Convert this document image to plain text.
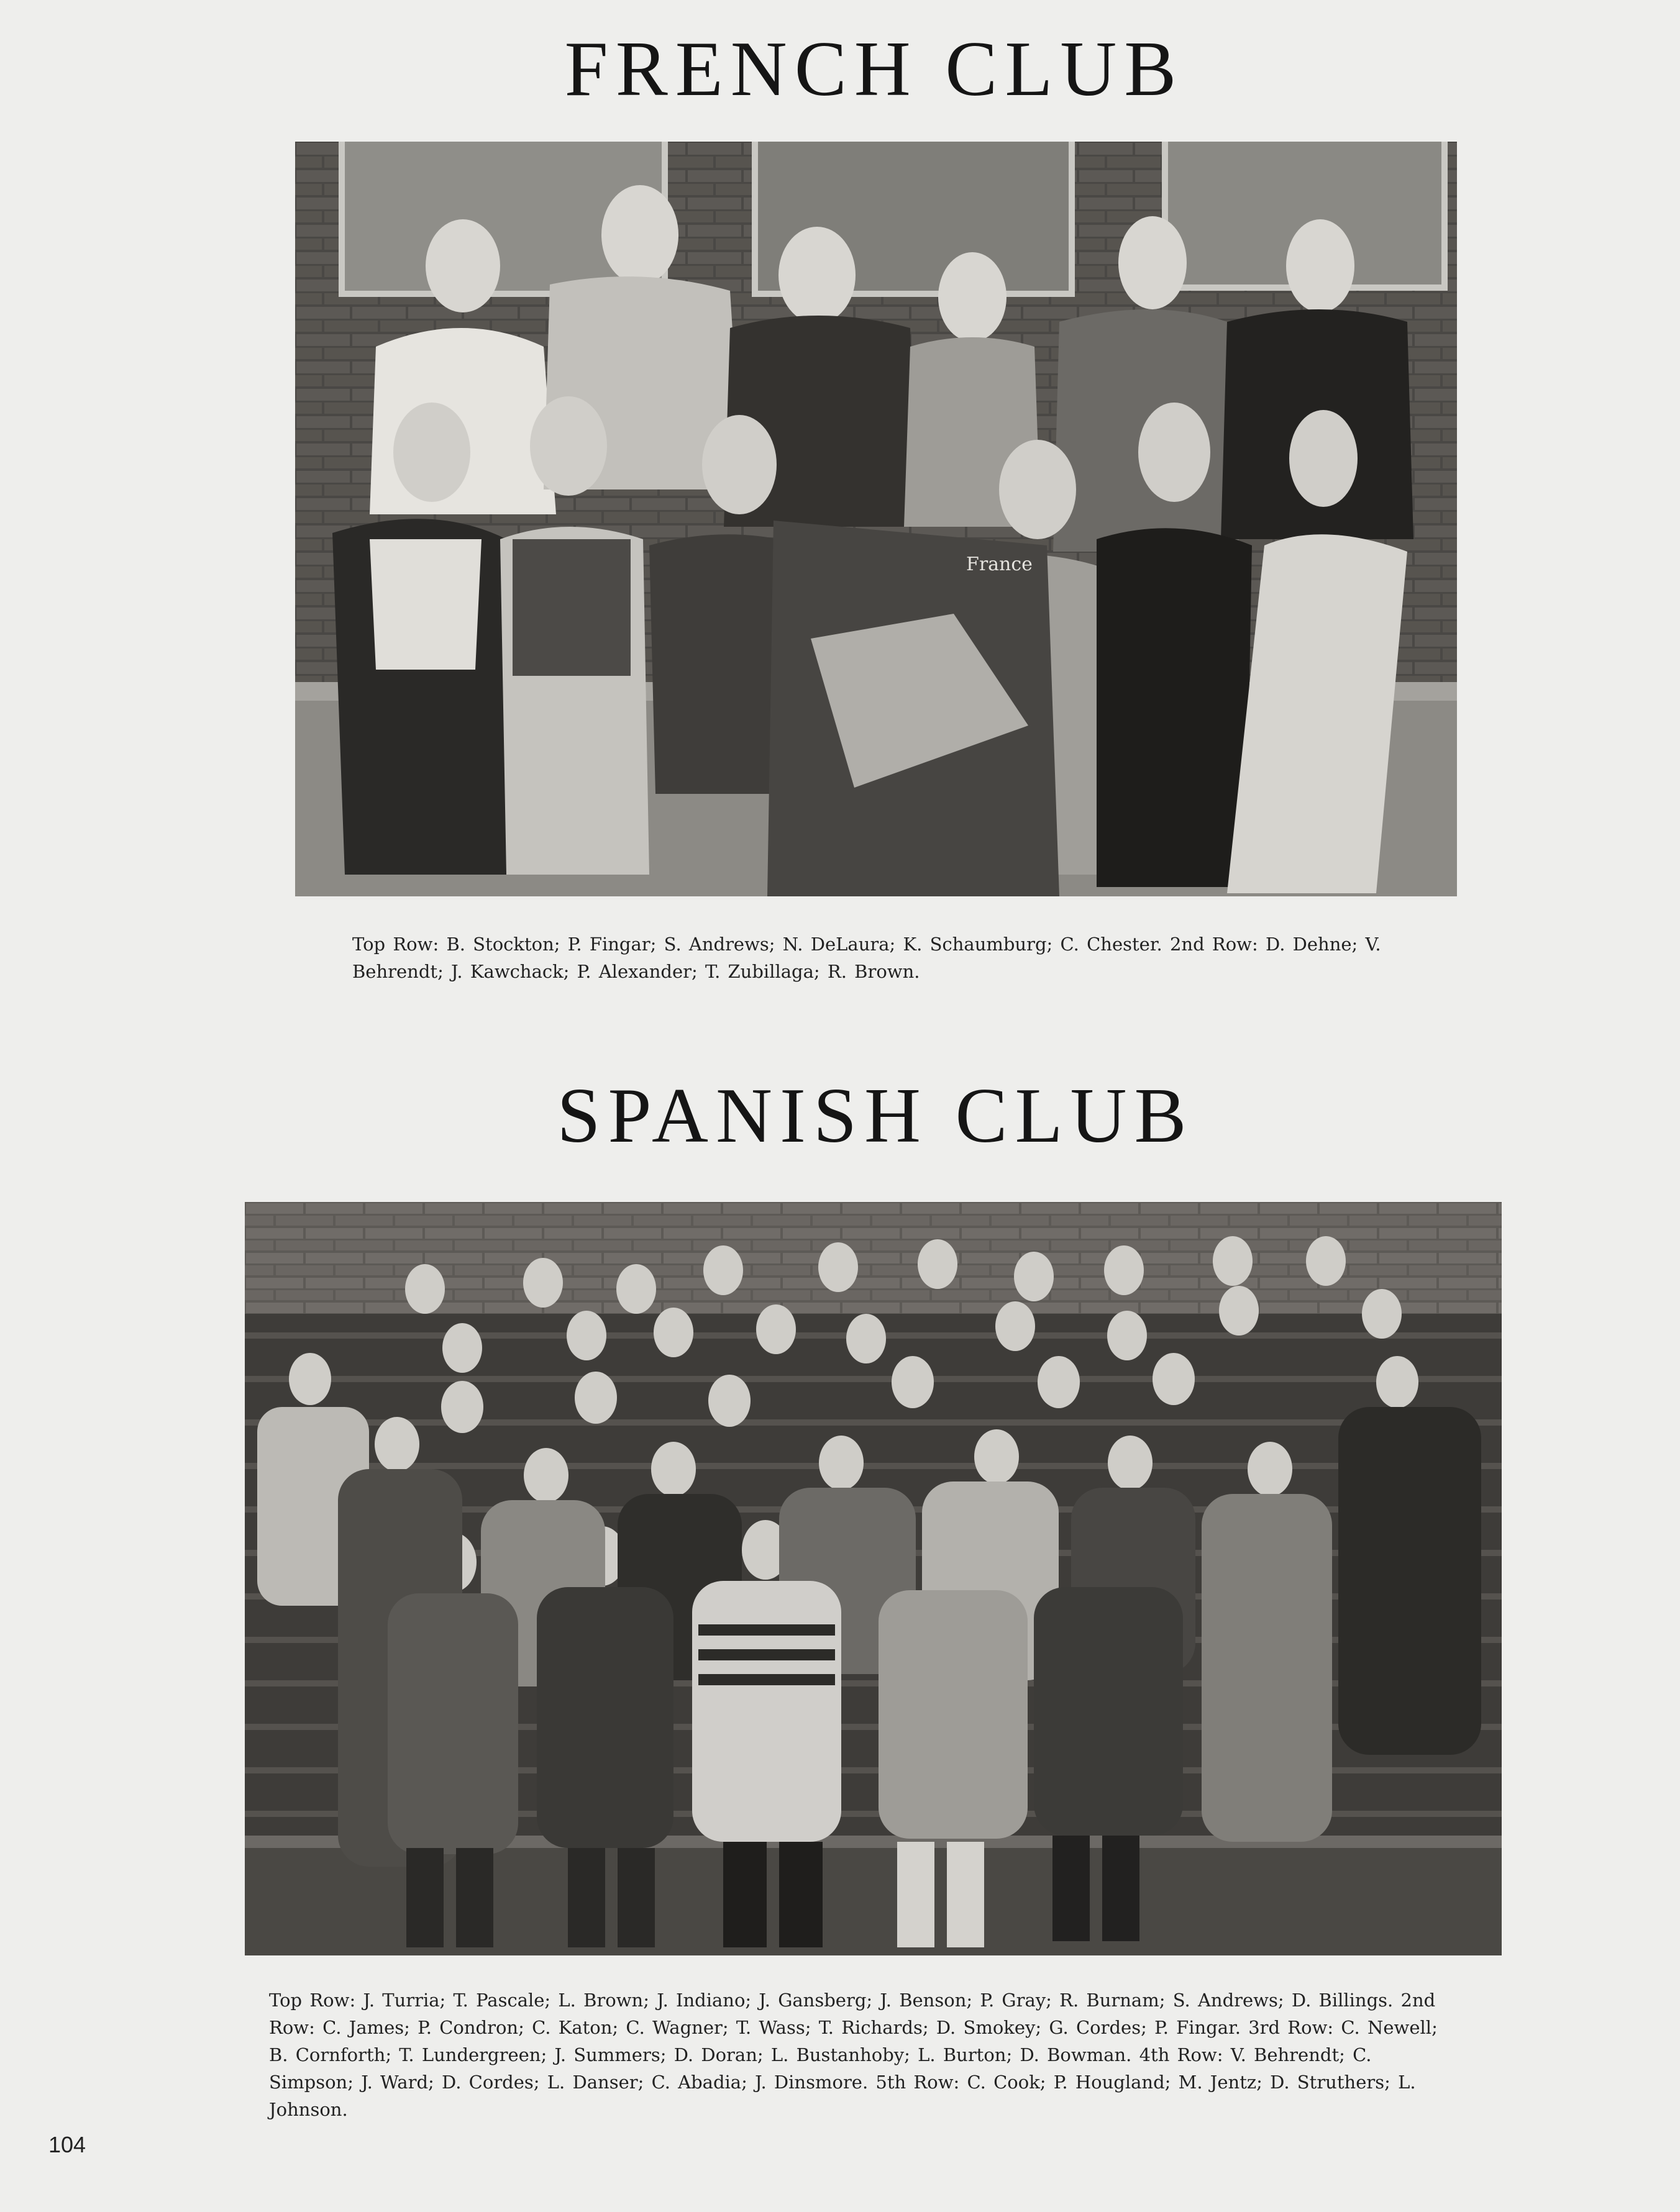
FRENCH CLUB
France

Top Row: B. Stockton; P. Fingar; S. Andrews; N. DeLaura; K. Schaumburg; C. Chester. 2nd Row: D. Dehne; V. Behrendt; J. Kawchack; P. Alexander; T. Zubillaga; R. Brown.

SPANISH CLUB

Top Row: J. Turria; T. Pascale; L. Brown; J. Indiano; J. Gansberg; J. Benson; P. Gray; R. Burnam; S. Andrews; D. Billings. 2nd Row: C. James; P. Condron; C. Katon; C. Wagner; T. Wass; T. Richards; D. Smokey; G. Cordes; P. Fingar. 3rd Row: C. Newell; B. Cornforth; T. Lundergreen; J. Summers; D. Doran; L. Bustanhoby; L. Burton; D. Bowman. 4th Row: V. Behrendt; C. Simpson; J. Ward; D. Cordes; L. Danser; C. Abadia; J. Dinsmore. 5th Row: C. Cook; P. Hougland; M. Jentz; D. Struthers; L. Johnson.

104
